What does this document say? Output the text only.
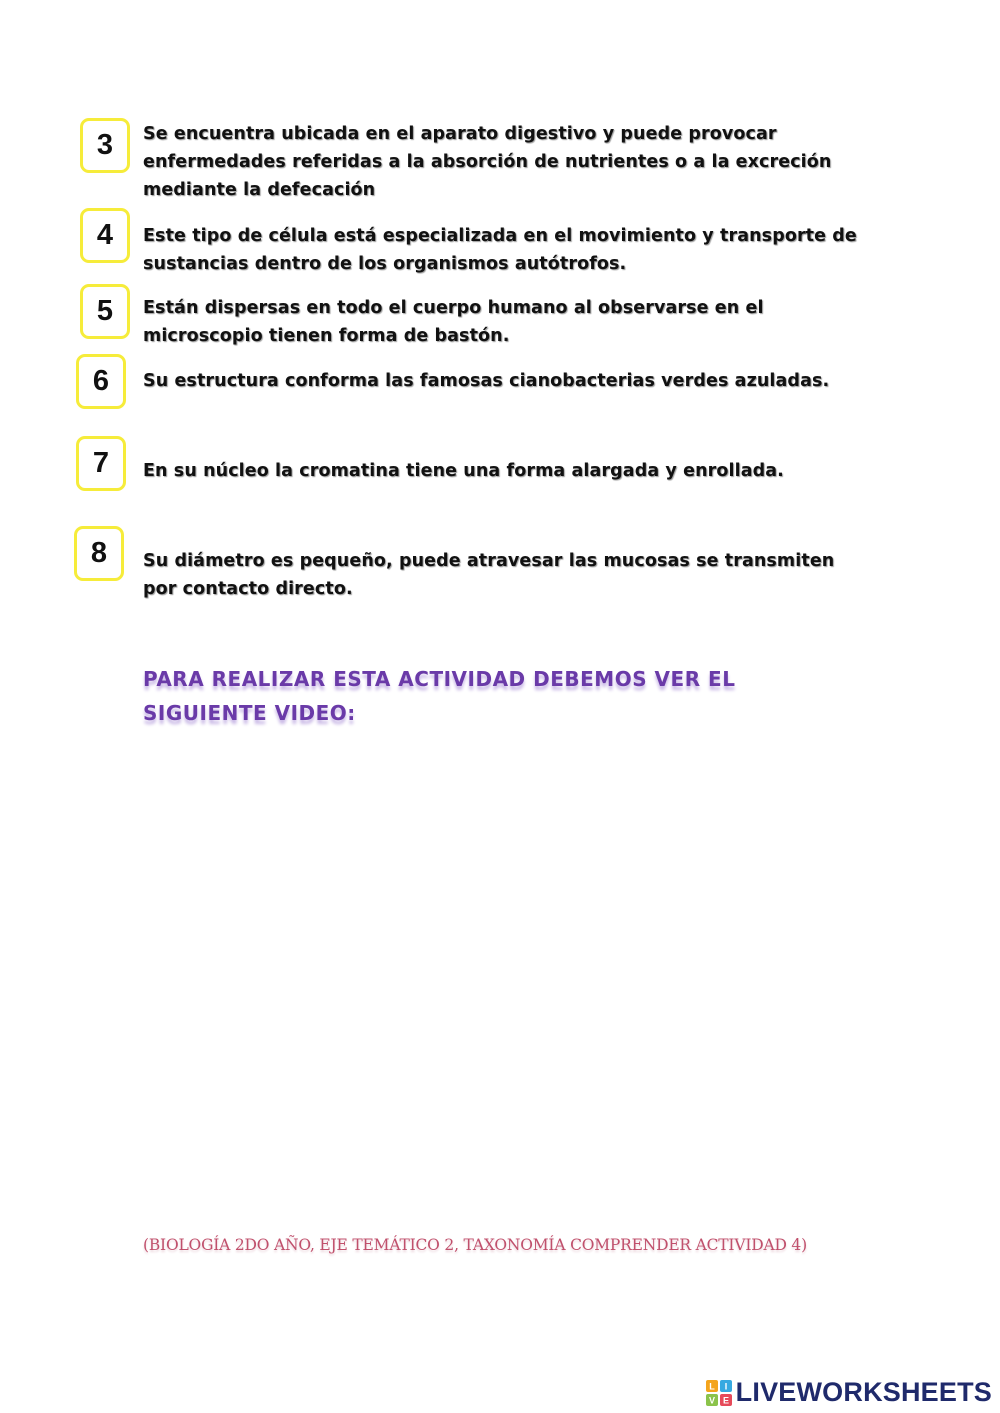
3 Se encuentra ubicada en el aparato digestivo y puede provocar enfermedades referidas a la absorción de nutrientes o a la excreción mediante la defecación
4 Este tipo de célula está especializada en el movimiento y transporte de sustancias dentro de los organismos autótrofos.
5 Están dispersas en todo el cuerpo humano al observarse en el microscopio tienen forma de bastón.
6 Su estructura conforma las famosas cianobacterias verdes azuladas.
7 En su núcleo la cromatina tiene una forma alargada y enrollada.
8 Su diámetro es pequeño, puede atravesar las mucosas se transmiten por contacto directo.
PARA REALIZAR ESTA ACTIVIDAD DEBEMOS VER EL SIGUIENTE VIDEO:
(BIOLOGÍA 2DO AÑO, EJE TEMÁTICO 2, TAXONOMÍA COMPRENDER ACTIVIDAD 4)
L I
V E LIVEWORKSHEETS
